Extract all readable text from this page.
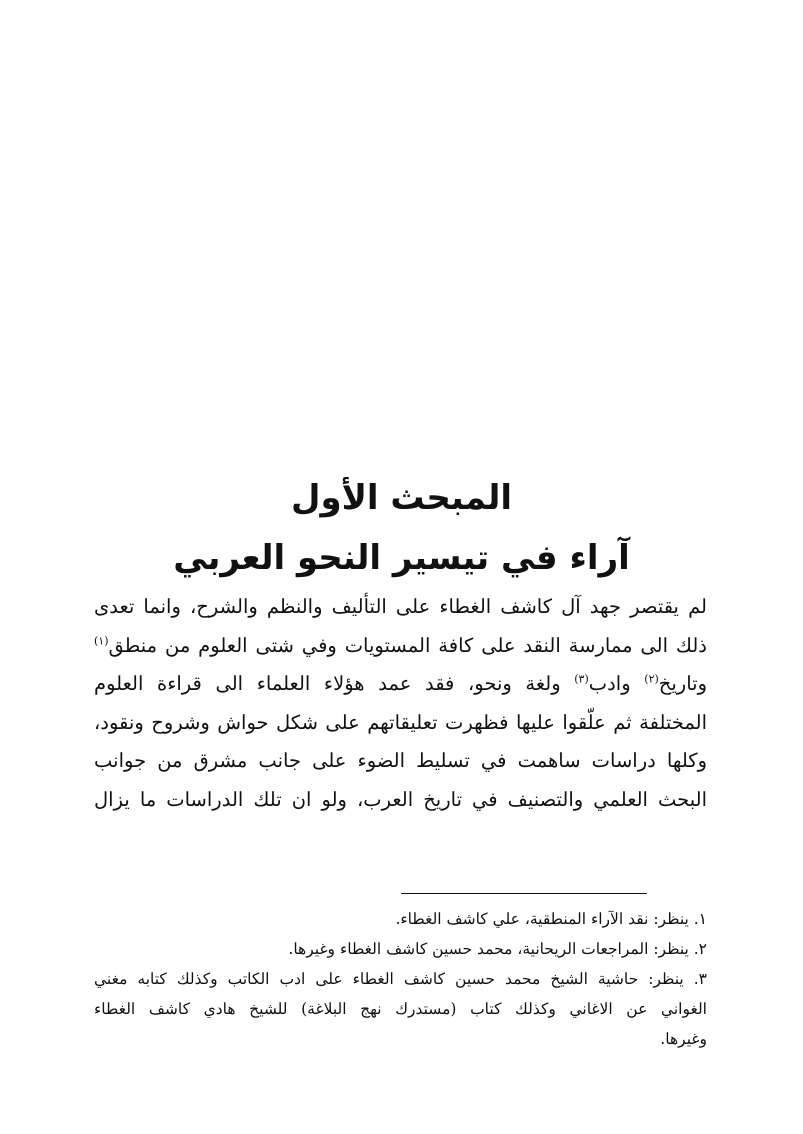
المبحث الأول
آراء في تيسير النحو العربي
لم يقتصر جهد آل كاشف الغطاء على التأليف والنظم والشرح، وانما تعدى
ذلك الى ممارسة النقد على كافة المستويات وفي شتى العلوم من منطق$^{(١)}$
وتاريخ$^{(٢)}$ وادب$^{(٣)}$ ولغة ونحو، فقد عمد هؤلاء العلماء الى قراءة العلوم
المختلفة ثم علّقوا عليها فظهرت تعليقاتهم على شكل حواش وشروح ونقود،
وكلها دراسات ساهمت في تسليط الضوء على جانب مشرق من جوانب
البحث العلمي والتصنيف في تاريخ العرب، ولو ان تلك الدراسات ما يزال
١. ينظر: نقد الآراء المنطقية، علي كاشف الغطاء.
٢. ينظر: المراجعات الريحانية، محمد حسين كاشف الغطاء وغيرها.
٣. ينظر: حاشية الشيخ محمد حسين كاشف الغطاء على ادب الكاتب وكذلك كتابه مغني
الغواني عن الاغاني وكذلك كتاب (مستدرك نهج البلاغة) للشيخ هادي كاشف الغطاء
وغيرها.
